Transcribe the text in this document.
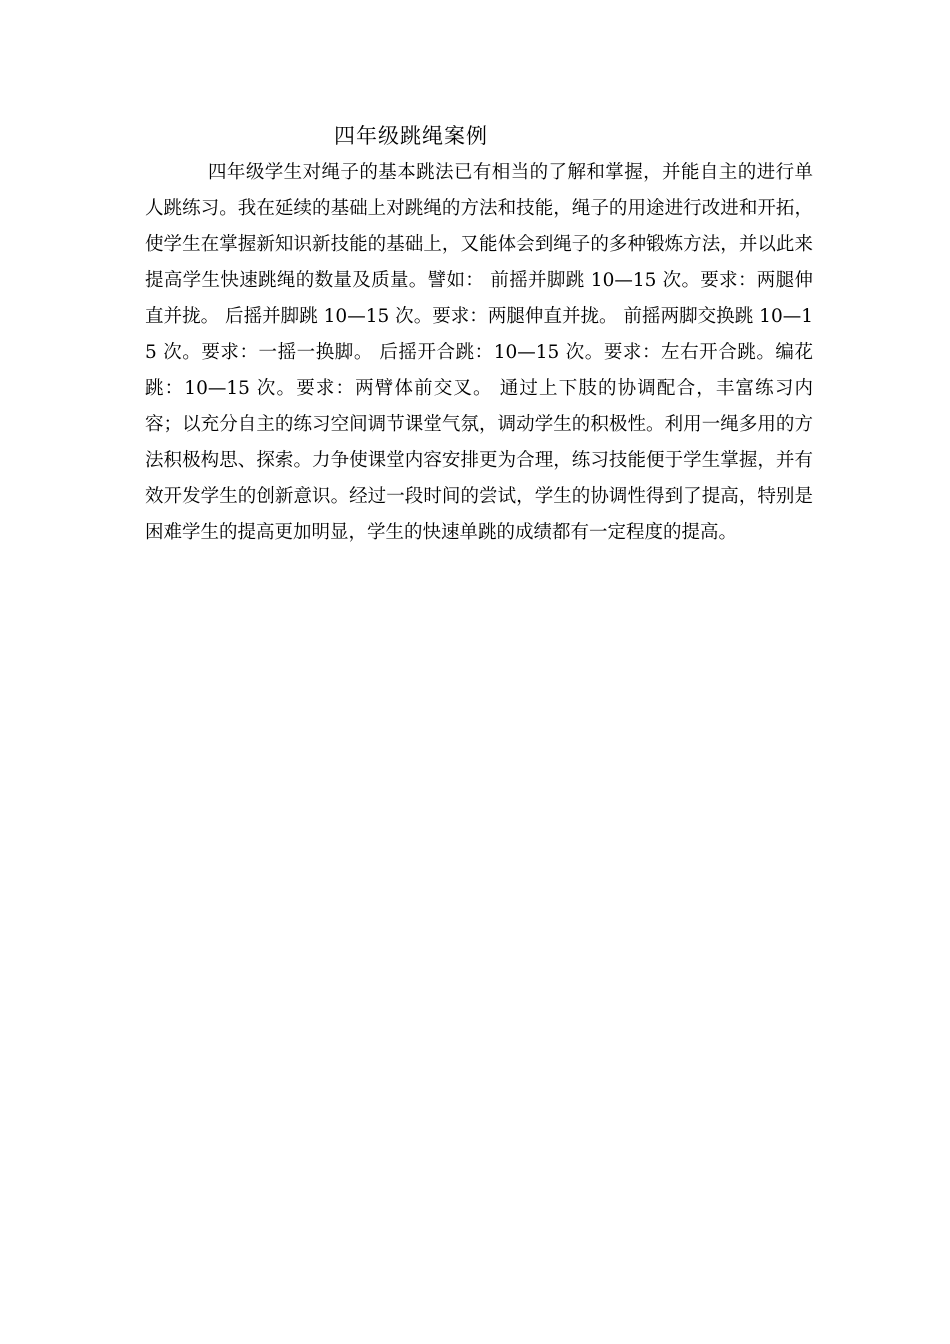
四年级跳绳案例

四年级学生对绳子的基本跳法已有相当的了解和掌握，并能自主的进行单人跳练习。我在延续的基础上对跳绳的方法和技能，绳子的用途进行改进和开拓，使学生在掌握新知识新技能的基础上，又能体会到绳子的多种锻炼方法，并以此来提高学生快速跳绳的数量及质量。譬如： 前摇并脚跳 10—15 次。要求：两腿伸直并拢。 后摇并脚跳 10—15 次。要求：两腿伸直并拢。 前摇两脚交换跳 10—15 次。要求：一摇一换脚。 后摇开合跳：10—15 次。要求：左右开合跳。编花跳：10—15 次。要求：两臂体前交叉。 通过上下肢的协调配合，丰富练习内容；以充分自主的练习空间调节课堂气氛，调动学生的积极性。利用一绳多用的方法积极构思、探索。力争使课堂内容安排更为合理，练习技能便于学生掌握，并有效开发学生的创新意识。经过一段时间的尝试，学生的协调性得到了提高，特别是困难学生的提高更加明显，学生的快速单跳的成绩都有一定程度的提高。
